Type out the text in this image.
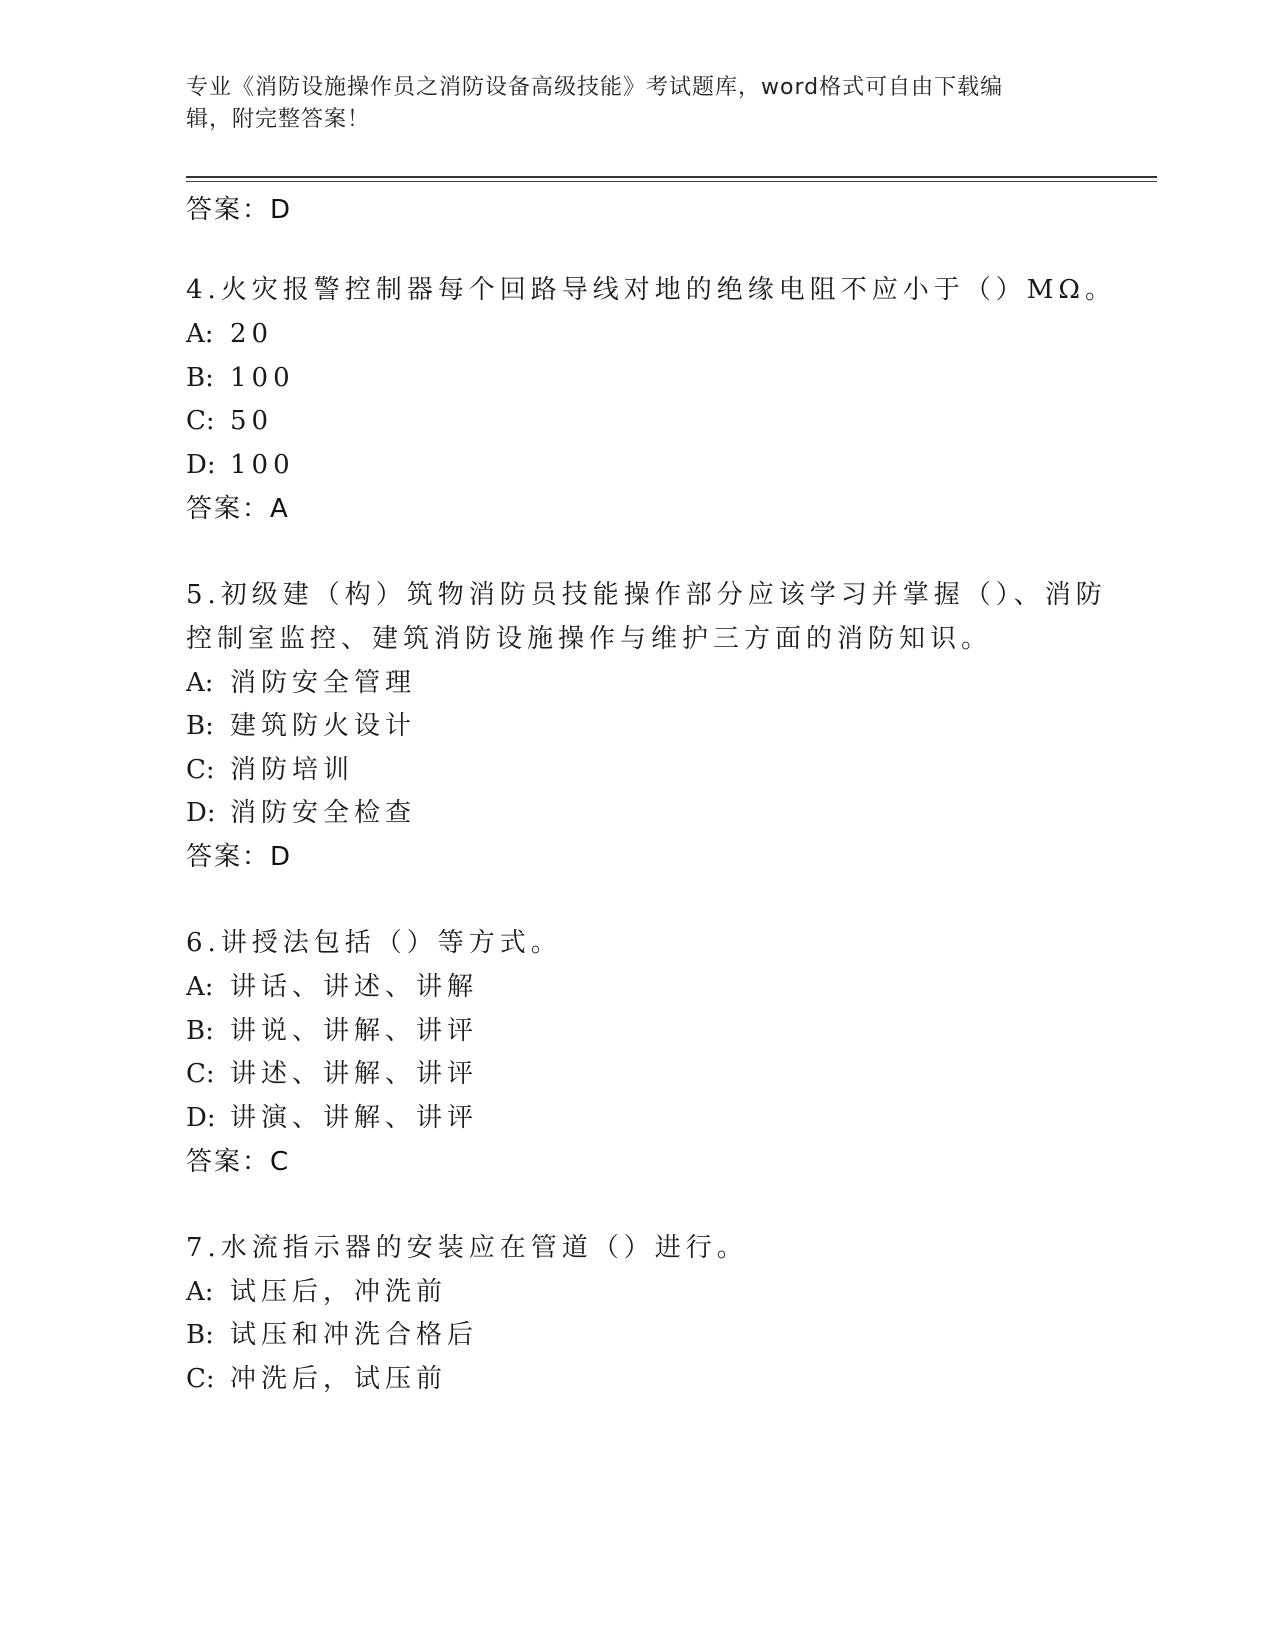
专业《消防设施操作员之消防设备高级技能》考试题库，word格式可自由下载编
辑，附完整答案！
答案：D
4.火灾报警控制器每个回路导线对地的绝缘电阻不应小于（）MΩ。
A: 20
B: 100
C: 50
D: 100
答案：A
5.初级建（构）筑物消防员技能操作部分应该学习并掌握（）、消防
控制室监控、建筑消防设施操作与维护三方面的消防知识。
A: 消防安全管理
B: 建筑防火设计
C: 消防培训
D: 消防安全检查
答案：D
6.讲授法包括（）等方式。
A: 讲话、讲述、讲解
B: 讲说、讲解、讲评
C: 讲述、讲解、讲评
D: 讲演、讲解、讲评
答案：C
7.水流指示器的安装应在管道（）进行。
A: 试压后，冲洗前
B: 试压和冲洗合格后
C: 冲洗后，试压前
